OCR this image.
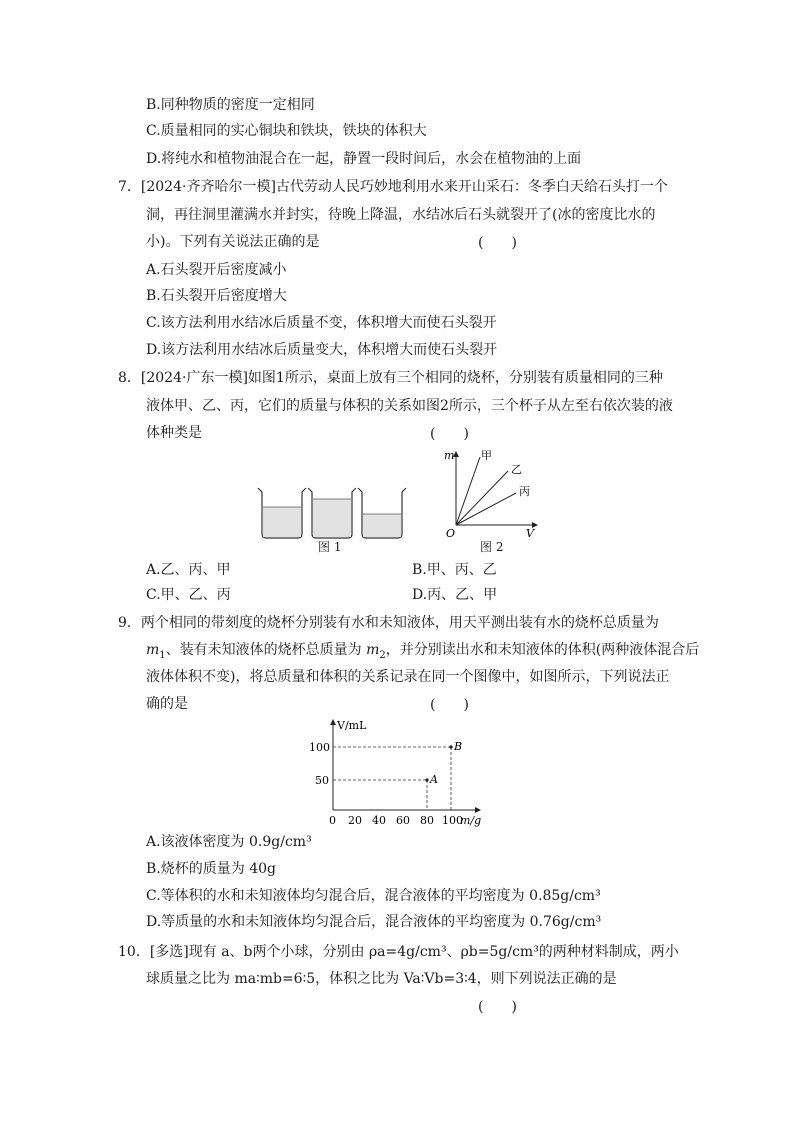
B.同种物质的密度一定相同
C.质量相同的实心铜块和铁块，铁块的体积大
D.将纯水和植物油混合在一起，静置一段时间后，水会在植物油的上面
7．[2024·齐齐哈尔一模]古代劳动人民巧妙地利用水来开山采石：冬季白天给石头打一个
洞，再往洞里灌满水并封实，待晚上降温，水结冰后石头就裂开了(冰的密度比水的
小)。下列有关说法正确的是	(　　)
A.石头裂开后密度减小
B.石头裂开后密度增大
C.该方法利用水结冰后质量不变，体积增大而使石头裂开
D.该方法利用水结冰后质量变大，体积增大而使石头裂开
8．[2024·广东一模]如图1所示，桌面上放有三个相同的烧杯，分别装有质量相同的三种
液体甲、乙、丙，它们的质量与体积的关系如图2所示，三个杯子从左至右依次装的液
体种类是	(　　)
图 1
m
V
O
甲
乙
丙
图 2
A.乙、丙、甲	B.甲、丙、乙
C.甲、乙、丙	D.丙、乙、甲
9．两个相同的带刻度的烧杯分别装有水和未知液体，用天平测出装有水的烧杯总质量为
$m_1$、装有未知液体的烧杯总质量为 $m_2$，并分别读出水和未知液体的体积(两种液体混合后
液体体积不变)，将总质量和体积的关系记录在同一个图像中，如图所示，下列说法正
确的是	(　　)
V/mL
0 20 40 60 80 100
m/g
50
100
A
B
A.该液体密度为 0.9g/cm³
B.烧杯的质量为 40g
C.等体积的水和未知液体均匀混合后，混合液体的平均密度为 0.85g/cm³
D.等质量的水和未知液体均匀混合后，混合液体的平均密度为 0.76g/cm³
10．[多选]现有 a、b两个小球，分别由 ρa=4g/cm³、ρb=5g/cm³的两种材料制成，两小
球质量之比为 ma∶mb=6∶5，体积之比为 Va∶Vb=3∶4，则下列说法正确的是
(　　)
